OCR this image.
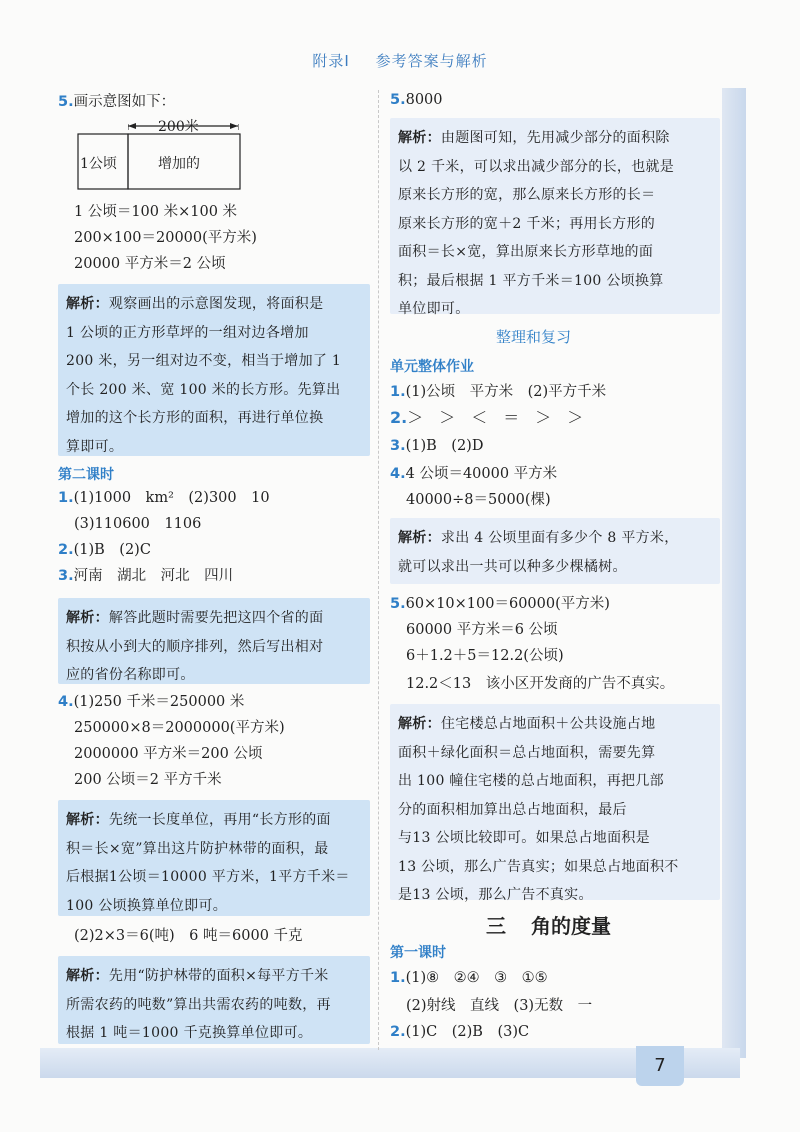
附录Ⅰ 参考答案与解析
5.画示意图如下：
200米
1公顷	增加的
1 公顷＝100 米×100 米
200×100＝20000(平方米)
20000 平方米＝2 公顷
解析：观察画出的示意图发现，将面积是
1 公顷的正方形草坪的一组对边各增加
200 米，另一组对边不变，相当于增加了 1
个长 200 米、宽 100 米的长方形。先算出
增加的这个长方形的面积，再进行单位换
算即可。
第二课时
1.(1)1000　km²　(2)300　10
(3)110600　1106
2.(1)B　(2)C
3.河南　湖北　河北　四川
解析：解答此题时需要先把这四个省的面
积按从小到大的顺序排列，然后写出相对
应的省份名称即可。
4.(1)250 千米＝250000 米
250000×8＝2000000(平方米)
2000000 平方米＝200 公顷
200 公顷＝2 平方千米
解析：先统一长度单位，再用“长方形的面
积＝长×宽”算出这片防护林带的面积，最
后根据1公顷＝10000 平方米，1平方千米＝
100 公顷换算单位即可。
(2)2×3＝6(吨)　6 吨＝6000 千克
解析：先用“防护林带的面积×每平方千米
所需农药的吨数”算出共需农药的吨数，再
根据 1 吨＝1000 千克换算单位即可。
5.8000
解析：由题图可知，先用减少部分的面积除
以 2 千米，可以求出减少部分的长，也就是
原来长方形的宽，那么原来长方形的长＝
原来长方形的宽＋2 千米；再用长方形的
面积＝长×宽，算出原来长方形草地的面
积；最后根据 1 平方千米＝100 公顷换算
单位即可。
整理和复习
单元整体作业
1.(1)公顷　平方米　(2)平方千米
2.＞　＞　＜　＝　＞　＞
3.(1)B　(2)D
4.4 公顷＝40000 平方米
40000÷8＝5000(棵)
解析：求出 4 公顷里面有多少个 8 平方米，
就可以求出一共可以种多少棵橘树。
5.60×10×100＝60000(平方米)
60000 平方米＝6 公顷
6＋1.2＋5＝12.2(公顷)
12.2＜13　该小区开发商的广告不真实。
解析：住宅楼总占地面积＋公共设施占地
面积＋绿化面积＝总占地面积，需要先算
出 100 幢住宅楼的总占地面积，再把几部
分的面积相加算出总占地面积，最后
与13 公顷比较即可。如果总占地面积是
13 公顷，那么广告真实；如果总占地面积不
是13 公顷，那么广告不真实。
三 角的度量
第一课时
1.(1)⑧　②④　③　①⑤
(2)射线　直线　(3)无数　一
2.(1)C　(2)B　(3)C
7
